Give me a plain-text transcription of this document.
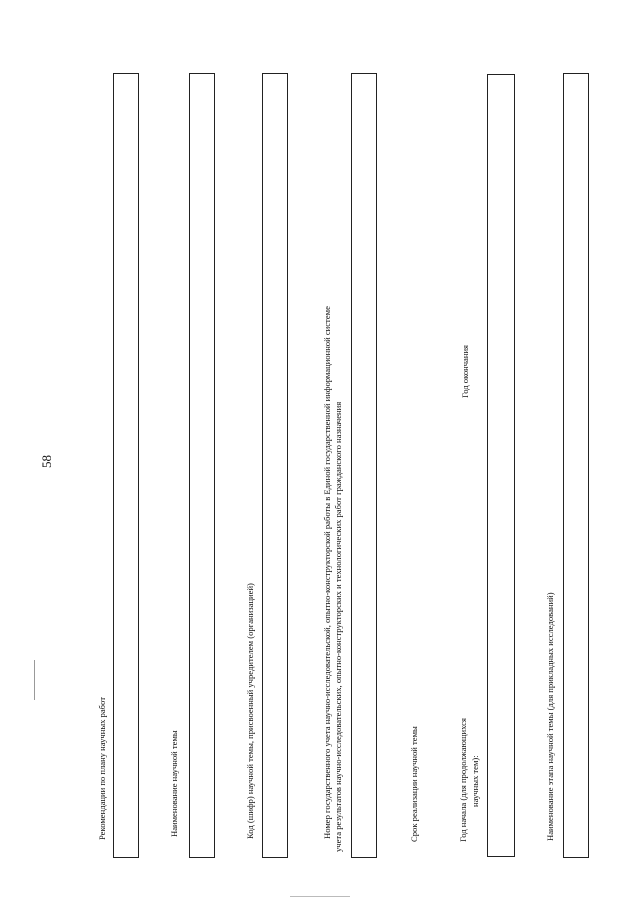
58
Рекомендации по плану научных работ	Наименование научной темы	Код (шифр) научной темы, присвоенный учредителем (организацией)	Номер государственного учета научно-исследовательской, опытно-конструкторской работы в Единой государственной информационной системе учета результатов научно-исследовательских, опытно-конструкторских и технологических работ гражданского назначения	Срок реализации научной темы	Год начала (для продолжающихся научных тем):
Год окончания
Наименование этапа научной темы (для прикладных исследований)
